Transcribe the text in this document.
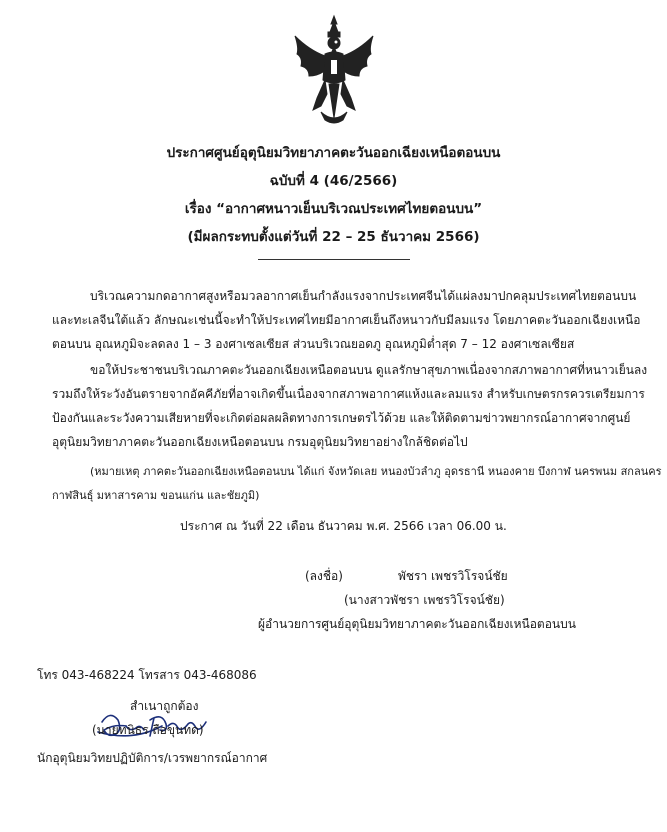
ประกาศศูนย์อุตุนิยมวิทยาภาคตะวันออกเฉียงเหนือตอนบน
ฉบับที่ 4 (46/2566)
เรื่อง “อากาศหนาวเย็นบริเวณประเทศไทยตอนบน”
(มีผลกระทบตั้งแต่วันที่ 22 – 25 ธันวาคม 2566)
บริเวณความกดอากาศสูงหรือมวลอากาศเย็นกำลังแรงจากประเทศจีนได้แผ่ลงมาปกคลุมประเทศไทยตอนบน
และทะเลจีนใต้แล้ว ลักษณะเช่นนี้จะทำให้ประเทศไทยมีอากาศเย็นถึงหนาวกับมีลมแรง โดยภาคตะวันออกเฉียงเหนือ
ตอนบน อุณหภูมิจะลดลง 1 – 3 องศาเซลเซียส ส่วนบริเวณยอดภู อุณหภูมิต่ำสุด 7 – 12 องศาเซลเซียส
ขอให้ประชาชนบริเวณภาคตะวันออกเฉียงเหนือตอนบน ดูแลรักษาสุขภาพเนื่องจากสภาพอากาศที่หนาวเย็นลง
รวมถึงให้ระวังอันตรายจากอัคคีภัยที่อาจเกิดขึ้นเนื่องจากสภาพอากาศแห้งและลมแรง สำหรับเกษตรกรควรเตรียมการ
ป้องกันและระวังความเสียหายที่จะเกิดต่อผลผลิตทางการเกษตรไว้ด้วย และให้ติดตามข่าวพยากรณ์อากาศจากศูนย์
อุตุนิยมวิทยาภาคตะวันออกเฉียงเหนือตอนบน กรมอุตุนิยมวิทยาอย่างใกล้ชิดต่อไป
(หมายเหตุ ภาคตะวันออกเฉียงเหนือตอนบน ได้แก่ จังหวัดเลย หนองบัวลำภู อุดรธานี หนองคาย บึงกาฬ นครพนม สกลนคร
กาฬสินธุ์ มหาสารคาม ขอนแก่น และชัยภูมิ)
ประกาศ ณ วันที่ 22 เดือน ธันวาคม พ.ศ. 2566 เวลา 06.00 น.
(ลงชื่อ)	พัชรา เพชรวิโรจน์ชัย
(นางสาวพัชรา เพชรวิโรจน์ชัย)
ผู้อำนวยการศูนย์อุตุนิยมวิทยาภาคตะวันออกเฉียงเหนือตอนบน
โทร 043-468224 โทรสาร 043-468086
สำเนาถูกต้อง
(นายทนิธร ถือขุนทด)
นักอุตุนิยมวิทยปฏิบัติการ/เวรพยากรณ์อากาศ
